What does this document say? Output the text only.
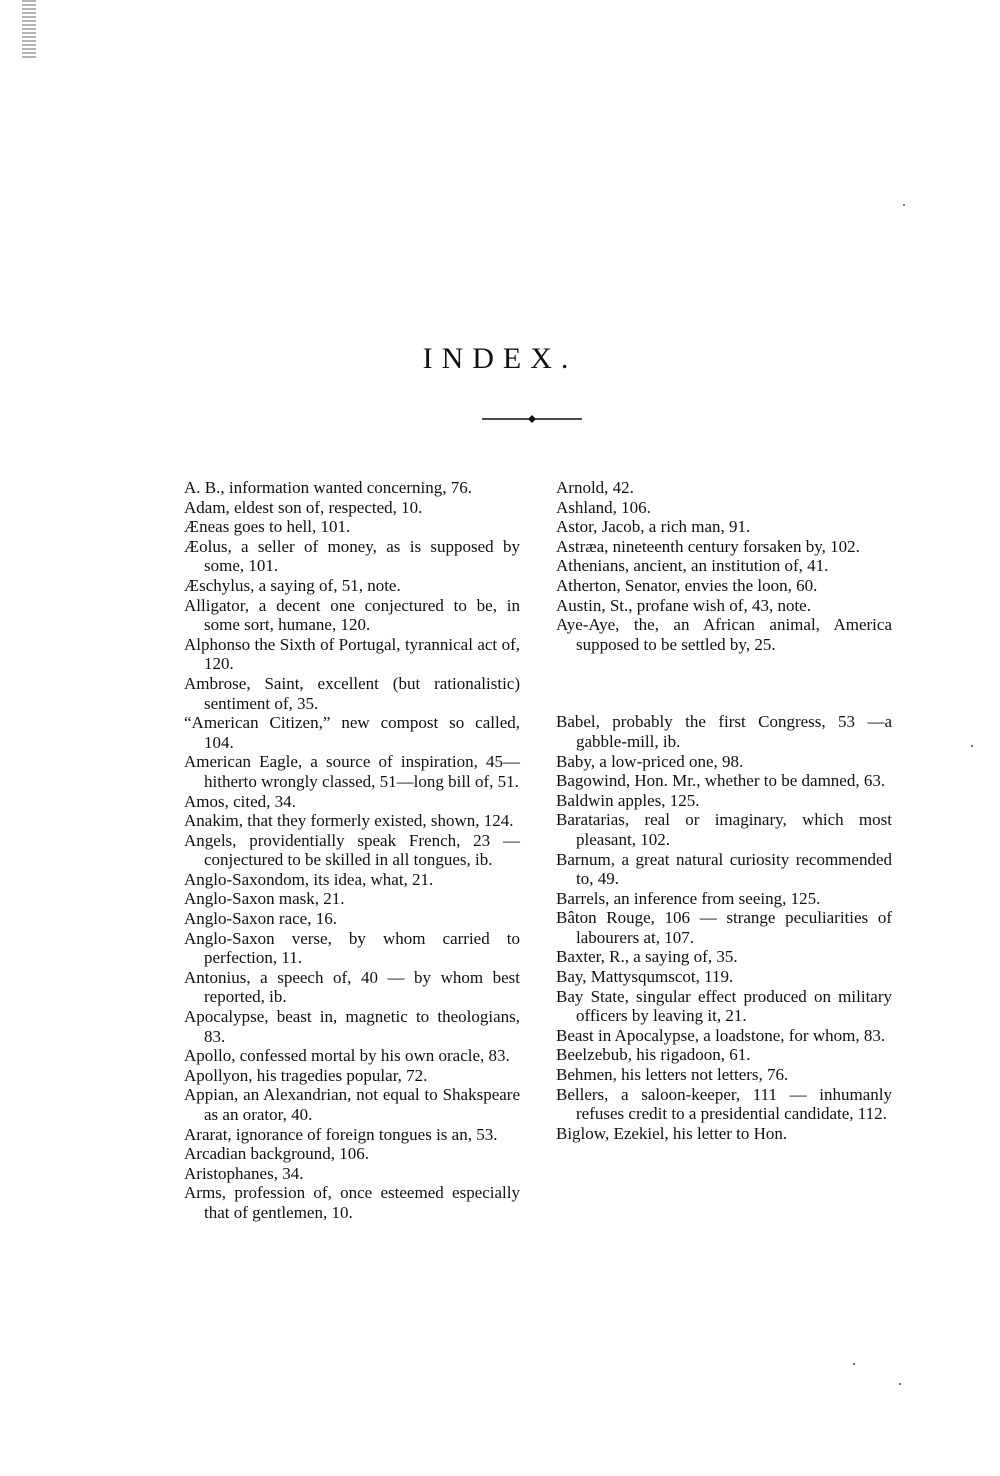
INDEX.

A. B., information wanted concerning, 76.

Adam, eldest son of, respected, 10.

Æneas goes to hell, 101.

Æolus, a seller of money, as is supposed by some, 101.

Æschylus, a saying of, 51, note.

Alligator, a decent one conjectured to be, in some sort, humane, 120.

Alphonso the Sixth of Portugal, tyrannical act of, 120.

Ambrose, Saint, excellent (but rationalistic) sentiment of, 35.

“American Citizen,” new compost so called, 104.

American Eagle, a source of inspiration, 45—hitherto wrongly classed, 51—long bill of, 51.

Amos, cited, 34.

Anakim, that they formerly existed, shown, 124.

Angels, providentially speak French, 23 — conjectured to be skilled in all tongues, ib.

Anglo-Saxondom, its idea, what, 21.

Anglo-Saxon mask, 21.

Anglo-Saxon race, 16.

Anglo-Saxon verse, by whom carried to perfection, 11.

Antonius, a speech of, 40 — by whom best reported, ib.

Apocalypse, beast in, magnetic to theologians, 83.

Apollo, confessed mortal by his own oracle, 83.

Apollyon, his tragedies popular, 72.

Appian, an Alexandrian, not equal to Shakspeare as an orator, 40.

Ararat, ignorance of foreign tongues is an, 53.

Arcadian background, 106.

Aristophanes, 34.

Arms, profession of, once esteemed especially that of gentlemen, 10.

Arnold, 42.

Ashland, 106.

Astor, Jacob, a rich man, 91.

Astræa, nineteenth century forsaken by, 102.

Athenians, ancient, an institution of, 41.

Atherton, Senator, envies the loon, 60.

Austin, St., profane wish of, 43, note.

Aye-Aye, the, an African animal, America supposed to be settled by, 25.

Babel, probably the first Congress, 53 —a gabble-mill, ib.

Baby, a low-priced one, 98.

Bagowind, Hon. Mr., whether to be damned, 63.

Baldwin apples, 125.

Baratarias, real or imaginary, which most pleasant, 102.

Barnum, a great natural curiosity recommended to, 49.

Barrels, an inference from seeing, 125.

Bâton Rouge, 106 — strange peculiarities of labourers at, 107.

Baxter, R., a saying of, 35.

Bay, Mattysqumscot, 119.

Bay State, singular effect produced on military officers by leaving it, 21.

Beast in Apocalypse, a loadstone, for whom, 83.

Beelzebub, his rigadoon, 61.

Behmen, his letters not letters, 76.

Bellers, a saloon-keeper, 111 — inhumanly refuses credit to a presidential candidate, 112.

Biglow, Ezekiel, his letter to Hon.
